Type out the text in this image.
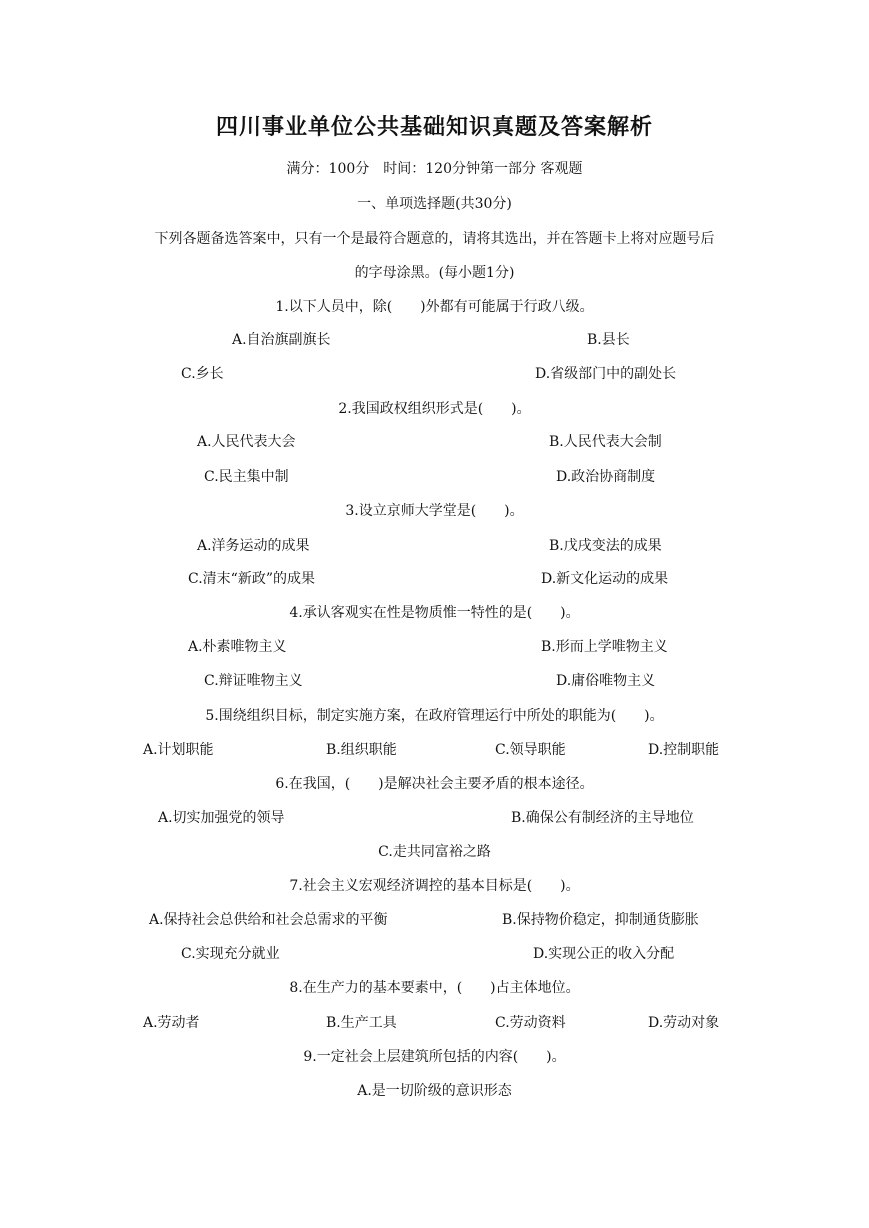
四川事业单位公共基础知识真题及答案解析
满分：100分　时间：120分钟第一部分 客观题
一、单项选择题(共30分)
下列各题备选答案中，只有一个是最符合题意的，请将其选出，并在答题卡上将对应题号后
的字母涂黑。(每小题1分)
1.以下人员中，除(　　)外都有可能属于行政八级。
A.自治旗副旗长	B.县长
C.乡长	D.省级部门中的副处长
2.我国政权组织形式是(　　)。
A.人民代表大会	B.人民代表大会制
C.民主集中制	D.政治协商制度
3.设立京师大学堂是(　　)。
A.洋务运动的成果	B.戊戌变法的成果
C.清末“新政”的成果	D.新文化运动的成果
4.承认客观实在性是物质惟一特性的是(　　)。
A.朴素唯物主义	B.形而上学唯物主义
C.辩证唯物主义	D.庸俗唯物主义
5.围绕组织目标，制定实施方案，在政府管理运行中所处的职能为(　　)。
A.计划职能	B.组织职能	C.领导职能	D.控制职能
6.在我国，(　　)是解决社会主要矛盾的根本途径。
A.切实加强党的领导	B.确保公有制经济的主导地位
C.走共同富裕之路
7.社会主义宏观经济调控的基本目标是(　　)。
A.保持社会总供给和社会总需求的平衡	B.保持物价稳定，抑制通货膨胀
C.实现充分就业	D.实现公正的收入分配
8.在生产力的基本要素中，(　　)占主体地位。
A.劳动者	B.生产工具	C.劳动资料	D.劳动对象
9.一定社会上层建筑所包括的内容(　　)。
A.是一切阶级的意识形态
